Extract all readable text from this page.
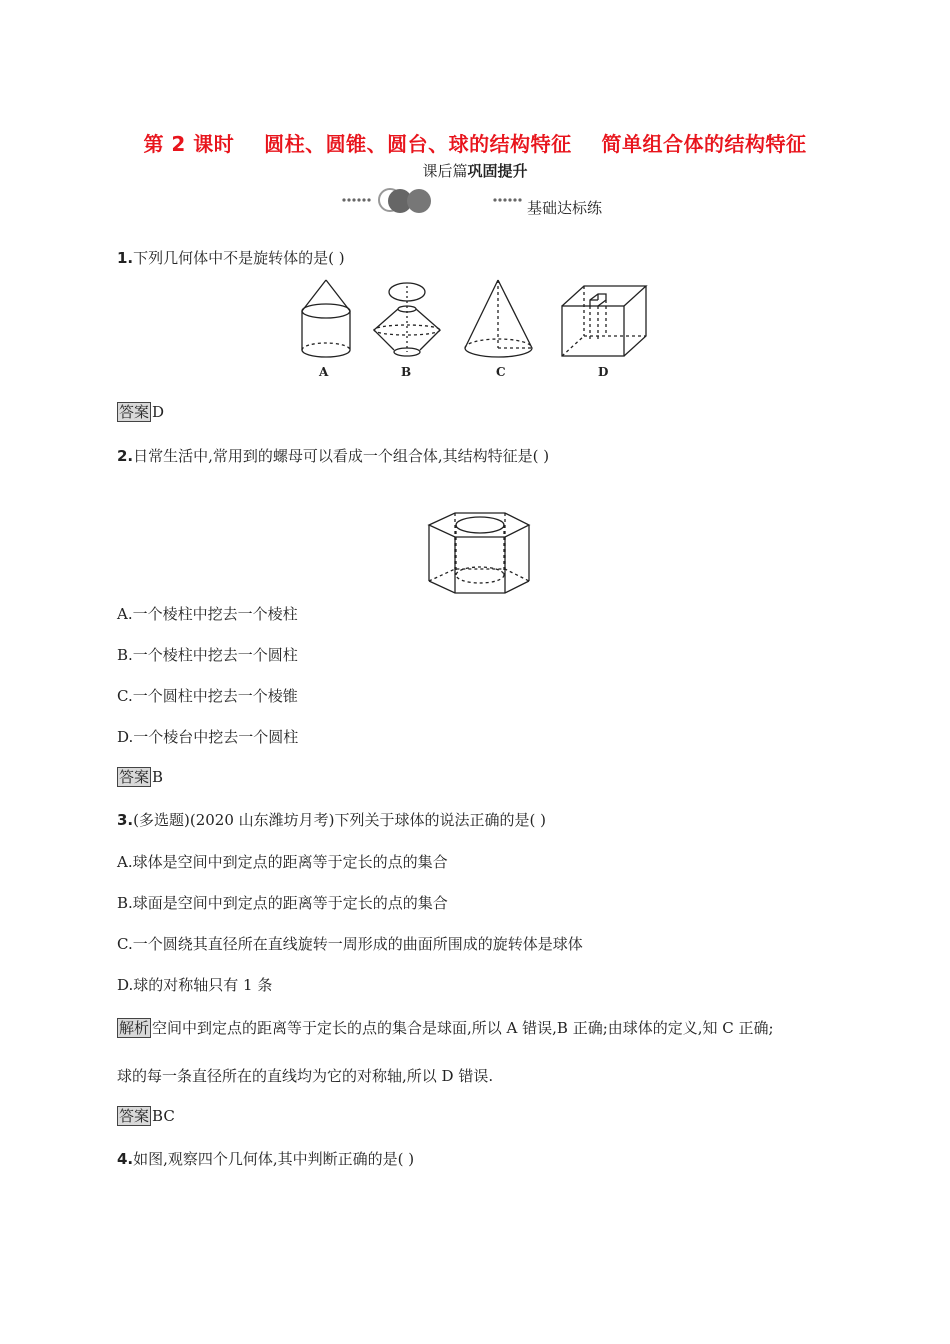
第 2 课时    圆柱、圆锥、圆台、球的结构特征    简单组合体的结构特征
课后篇巩固提升
基础达标练
1.下列几何体中不是旋转体的是( )
A	B	C	D
答案 D
2.日常生活中,常用到的螺母可以看成一个组合体,其结构特征是( )
A.一个棱柱中挖去一个棱柱
B.一个棱柱中挖去一个圆柱
C.一个圆柱中挖去一个棱锥
D.一个棱台中挖去一个圆柱
答案 B
3.(多选题)(2020 山东潍坊月考)下列关于球体的说法正确的是( )
A.球体是空间中到定点的距离等于定长的点的集合
B.球面是空间中到定点的距离等于定长的点的集合
C.一个圆绕其直径所在直线旋转一周形成的曲面所围成的旋转体是球体
D.球的对称轴只有 1 条
解析 空间中到定点的距离等于定长的点的集合是球面,所以 A 错误,B 正确;由球体的定义,知 C 正确;
球的每一条直径所在的直线均为它的对称轴,所以 D 错误.
答案 BC
4.如图,观察四个几何体,其中判断正确的是( )
